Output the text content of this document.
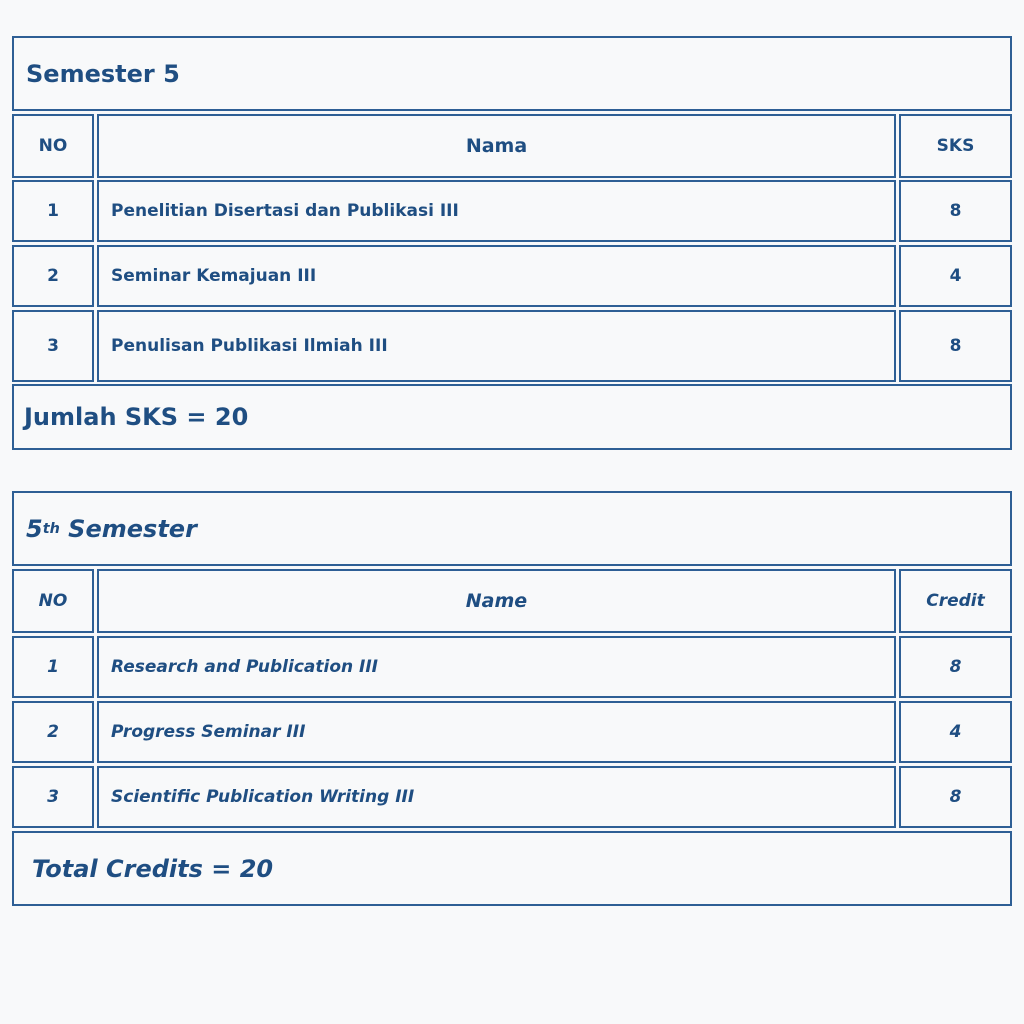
Semester 5
NO	Nama	SKS
1	Penelitian Disertasi dan Publikasi III	8
2	Seminar Kemajuan III	4
3	Penulisan Publikasi Ilmiah III	8
Jumlah SKS = 20
5 th Semester
NO	Name	Credit
1	Research and Publication III	8
2	Progress Seminar III	4
3	Scientific Publication Writing III	8
Total Credits = 20
